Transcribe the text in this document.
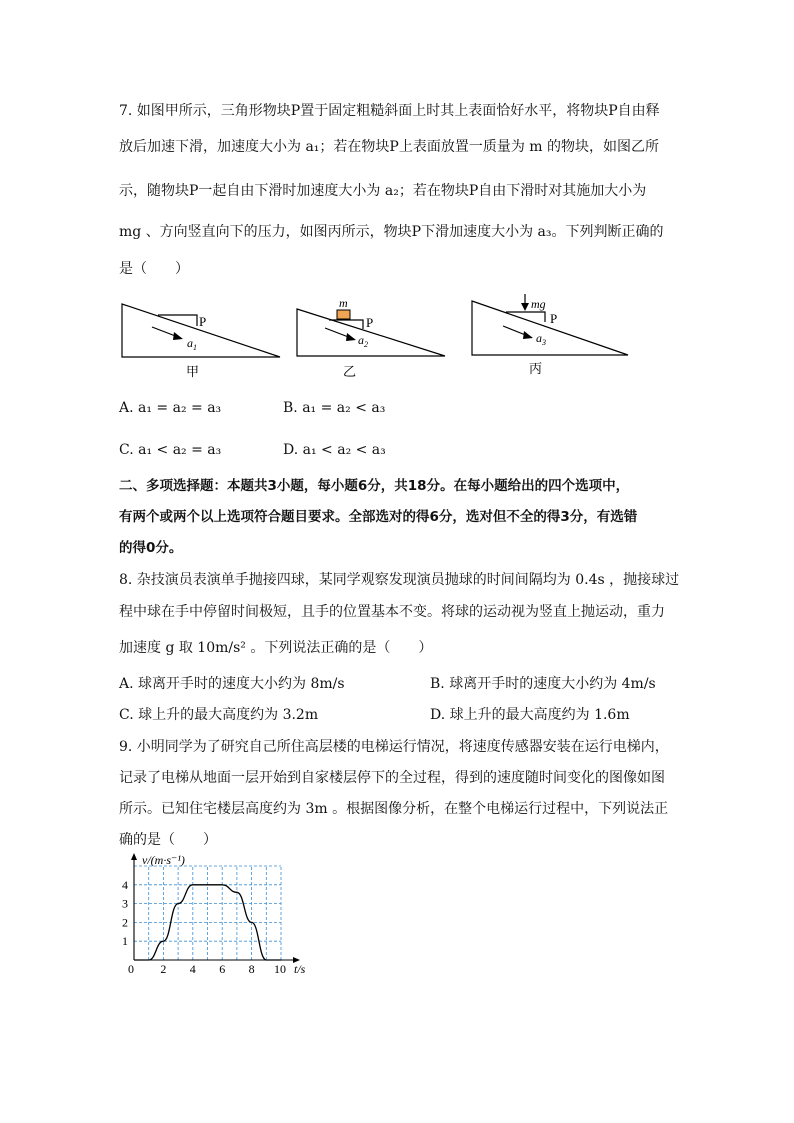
7. 如图甲所示，三角形物块P置于固定粗糙斜面上时其上表面恰好水平，将物块P自由释
放后加速下滑，加速度大小为 a₁；若在物块P上表面放置一质量为 m 的物块，如图乙所
示，随物块P一起自由下滑时加速度大小为 a₂；若在物块P自由下滑时对其施加大小为
mg 、方向竖直向下的压力，如图丙所示，物块P下滑加速度大小为 a₃。下列判断正确的
是（　　）
P
$a_1$
甲
m
P
$a_2$
乙
mg
P
$a_3$
丙
A. a₁ = a₂ = a₃	B. a₁ = a₂ < a₃
C. a₁ < a₂ = a₃	D. a₁ < a₂ < a₃
二、多项选择题：本题共3小题，每小题6分，共18分。在每小题给出的四个选项中，
有两个或两个以上选项符合题目要求。全部选对的得6分，选对但不全的得3分，有选错
的得0分。
8. 杂技演员表演单手抛接四球，某同学观察发现演员抛球的时间间隔均为 0.4s ，抛接球过
程中球在手中停留时间极短，且手的位置基本不变。将球的运动视为竖直上抛运动，重力
加速度 g 取 10m/s² 。下列说法正确的是（　　）
A. 球离开手时的速度大小约为 8m/s	B. 球离开手时的速度大小约为 4m/s
C. 球上升的最大高度约为 3.2m	D. 球上升的最大高度约为 1.6m
9. 小明同学为了研究自己所住高层楼的电梯运行情况，将速度传感器安装在运行电梯内，
记录了电梯从地面一层开始到自家楼层停下的全过程，得到的速度随时间变化的图像如图
所示。已知住宅楼层高度约为 3m 。根据图像分析，在整个电梯运行过程中，下列说法正
确的是（　　）
0 2 4 6 8 10
1
2
3
4
v/(m·s⁻¹)
t/s
